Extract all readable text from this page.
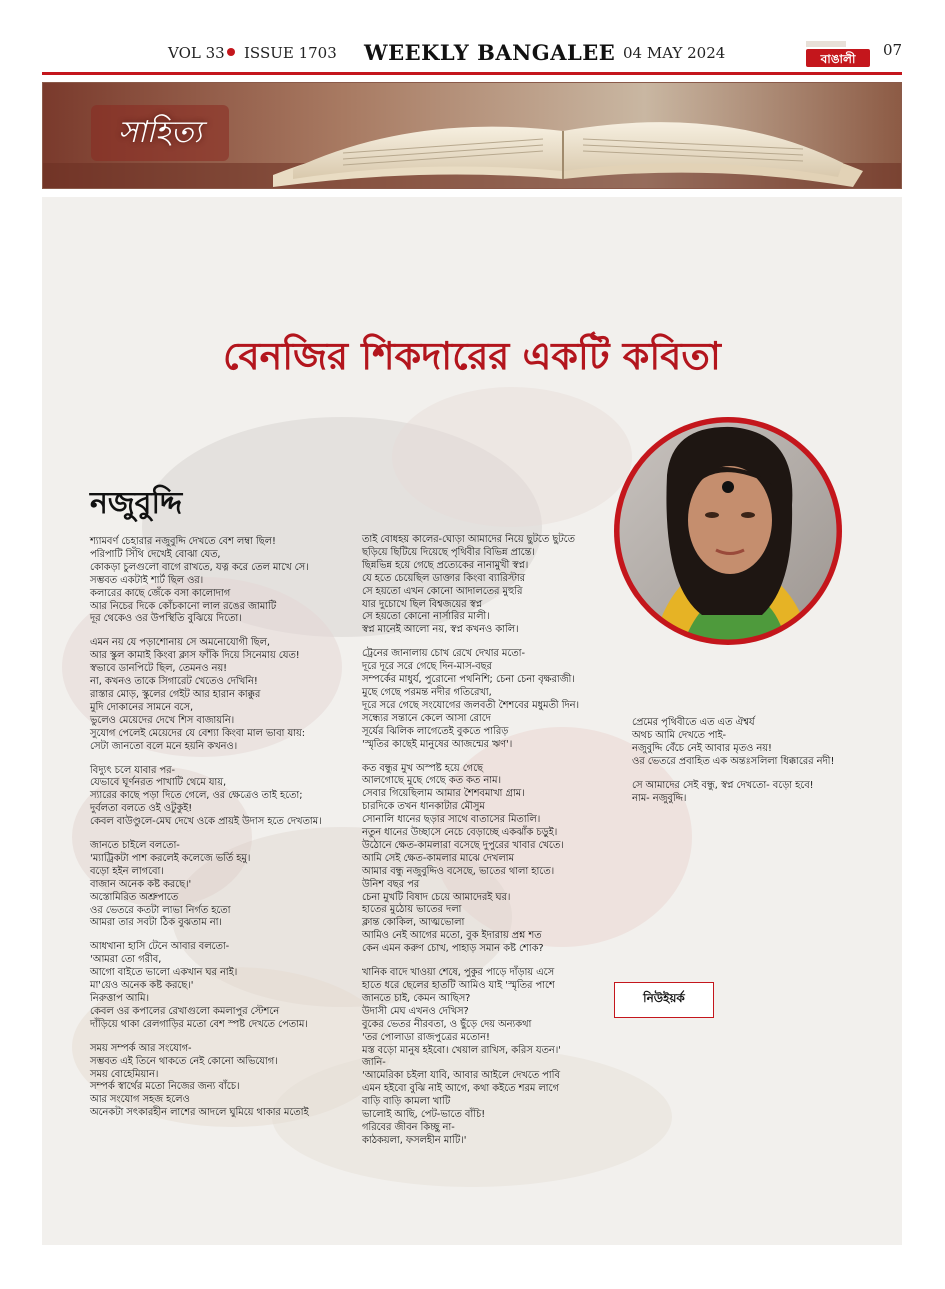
VOL 33 ISSUE 1703 WEEKLY BANGALEE 04 MAY 2024	বাঙালী 07
সাহিত্য
বেনজির শিকদারের একটি কবিতা
নজুবুদ্দি
শ্যামবর্ণ চেহারার নজুবুদ্দি দেখতে বেশ লম্বা ছিল!
পরিপাটি সিঁথি দেখেই বোঝা যেত,
কোকড়া চুলগুলো বাগে রাখতে, যত্ন করে তেল মাখে সে।
সম্ভবত একটাই শার্ট ছিল ওর।
কলারের কাছে জেঁকে বসা কালোদাগ
আর নিচের দিকে কোঁচকানো লাল রঙের জামাটি
দূর থেকেও ওর উপস্থিতি বুঝিয়ে দিতো।
এমন নয় যে পড়াশোনায় সে অমনোযোগী ছিল,
আর স্কুল কামাই কিংবা ক্লাস ফাঁকি দিয়ে সিনেমায় যেত!
স্বভাবে ডানপিটে ছিল, তেমনও নয়!
না, কখনও তাকে সিগারেট খেতেও দেখিনি!
রাস্তার মোড়, স্কুলের গেইট আর হারান কাক্কুর
মুদি দোকানের সামনে বসে,
ভুলেও মেয়েদের দেখে শিস বাজায়নি।
সুযোগ পেলেই মেয়েদের যে বেশ্যা কিংবা মাল ভাবা যায়:
সেটা জানতো বলে মনে হয়নি কখনও।
বিদ্যুৎ চলে যাবার পর-
যেভাবে ঘূর্ণনরত পাখাটি থেমে যায়,
স্যারের কাছে পড়া দিতে গেলে, ওর ক্ষেত্রেও তাই হতো;
দুর্বলতা বলতে ওই ওটুকুই!
কেবল বাউণ্ডুলে-মেঘ দেখে ওকে প্রায়ই উদাস হতে দেখতাম।
জানতে চাইলে বলতো-
'ম্যাট্রিকটা পাশ করলেই কলেজে ভর্তি হমু।
বড়ো হইন লাগবো।
বাজান অনেক কষ্ট করছে।'
অস্তোমিরিত অশ্রুপাতে
ওর ভেতরে কতটা লাভা নির্গত হতো
আমরা তার সবটা ঠিক বুঝতাম না।
আধখানা হাসি টেনে আবার বলতো-
'আমরা তো গরীব,
আগো বাইতে ভালো একখান ঘর নাই।
মা'য়েও অনেক কষ্ট করছে।'
নিরুত্তাপ আমি।
কেবল ওর কপালের রেখাগুলো কমলাপুর স্টেশনে
দাঁড়িয়ে থাকা রেলগাড়ির মতো বেশ স্পষ্ট দেখতে পেতাম।
সময় সম্পর্ক আর সংযোগ-
সম্ভবত এই তিনে থাকতে নেই কোনো অভিযোগ।
সময় বোহেমিয়ান।
সম্পর্ক স্বার্থের মতো নিজের জন্য বাঁচে।
আর সংযোগ সহজ হলেও
অনেকটা সৎকারহীন লাশের আদলে ঘুমিয়ে থাকার মতোই
তাই বোধহয় কালের-ঘোড়া আমাদের নিয়ে ছুটতে ছুটতে
ছড়িয়ে ছিটিয়ে দিয়েছে পৃথিবীর বিভিন্ন প্রান্তে।
ছিন্নভিন্ন হয়ে গেছে প্রত্যেকের নানামুখী স্বপ্ন।
যে হতে চেয়েছিল ডাক্তার কিংবা ব্যারিস্টার
সে হয়তো এখন কোনো আদালতের মুহুরি
যার দুচোখে ছিল বিশ্বজয়ের স্বপ্ন
সে হয়তো কোনো নার্সারির মালী।
স্বপ্ন মানেই আলো নয়, স্বপ্ন কখনও কালি।
ট্রেনের জানালায় চোখ রেখে দেখার মতো-
দূরে দূরে সরে গেছে দিন-মাস-বছর
সম্পর্কের মাধুর্য, পুরোনো পথনিশি; চেনা চেনা বৃক্ষরাজী।
মুছে গেছে পরমন্ত নদীর গতিরেখা,
দূরে সরে গেছে সংযোগের জলবতী শৈশবের মধুমতী দিন।
সন্ধ্যের সন্তানে কেলে আসা রোদে
সূর্যের ঝিলিক লাগেতেই বুকতে পারিড়
'স্মৃতির কাছেই মানুষের আজন্মের ঋণ'।
কত বন্ধুর মুখ অস্পষ্ট হয়ে গেছে
আলগোছে মুছে গেছে কত কত নাম।
সেবার গিয়েছিলাম আমার শৈশবমাখা গ্রাম।
চারদিকে তখন ধানকাটার মৌসুম
সোনালি ধানের ছড়ার সাথে বাতাসের মিতালি।
নতুন ধানের উচ্ছাসে নেচে বেড়াচ্ছে একঝাঁক চড়ুই।
উঠোনে ক্ষেত-কামলারা বসেছে দুপুরের খাবার খেতে।
আমি সেই ক্ষেত-কামলার মাঝে দেখলাম
আমার বন্ধু নজুবুদ্দিও বসেছে, ভাতের থালা হাতে।
উনিশ বছর পর
চেনা মুখটি বিষাদ চেয়ে আমাদেরই ঘর।
হাতের মুঠোয় ভাতের দলা
ক্লান্ত কোকিল, আত্মভোলা
আমিও নেই আগের মতো, বুক ইদারায় প্রশ্ন শত
কেন এমন করুণ চোখ, পাহাড় সমান কষ্ট শোক?
খানিক বাদে খাওয়া শেষে, পুকুর পাড়ে দাঁড়ায় এসে
হাতে ধরে ছেলের হাতটি আমিও যাই 'স্মৃতির পাশে
জানতে চাই, কেমন আছিস?
উদাসী মেঘ এখনও দেখিস?
বুকের ভেতর নীরবতা, ও ছুঁড়ে দেয় অন্যকথা
'তর পোলাডা রাজপুত্রের মতোন!
মস্ত বড়ো মানুষ হইবো। খেয়াল রাখিস, করিস যতন।'
জানি-
'আমেরিকা চইলা যাবি, আবার আইলে দেখতে পাবি
এমন হইবো বুঝি নাই আগে, কথা কইতে শরম লাগে
বাড়ি বাড়ি কামলা খাটি
ভালোই আছি, পেট-ভাতে বাঁচি!
গরিবের জীবন কিচ্ছু না-
কাঠকয়লা, ফসলহীন মাটি।'
প্রেমের পৃথিবীতে এত এত ঐশ্বর্য
অথচ আমি দেখতে পাই-
নজুবুদ্দি বেঁচে নেই আবার মৃতও নয়!
ওর ভেতরে প্রবাহিত এক অন্তঃসলিলা ধিক্কারের নদী!
সে আমাদের সেই বন্ধু, স্বপ্ন দেখতো- বড়ো হবে!
নাম- নজুবুদ্দি।
নিউইয়র্ক
